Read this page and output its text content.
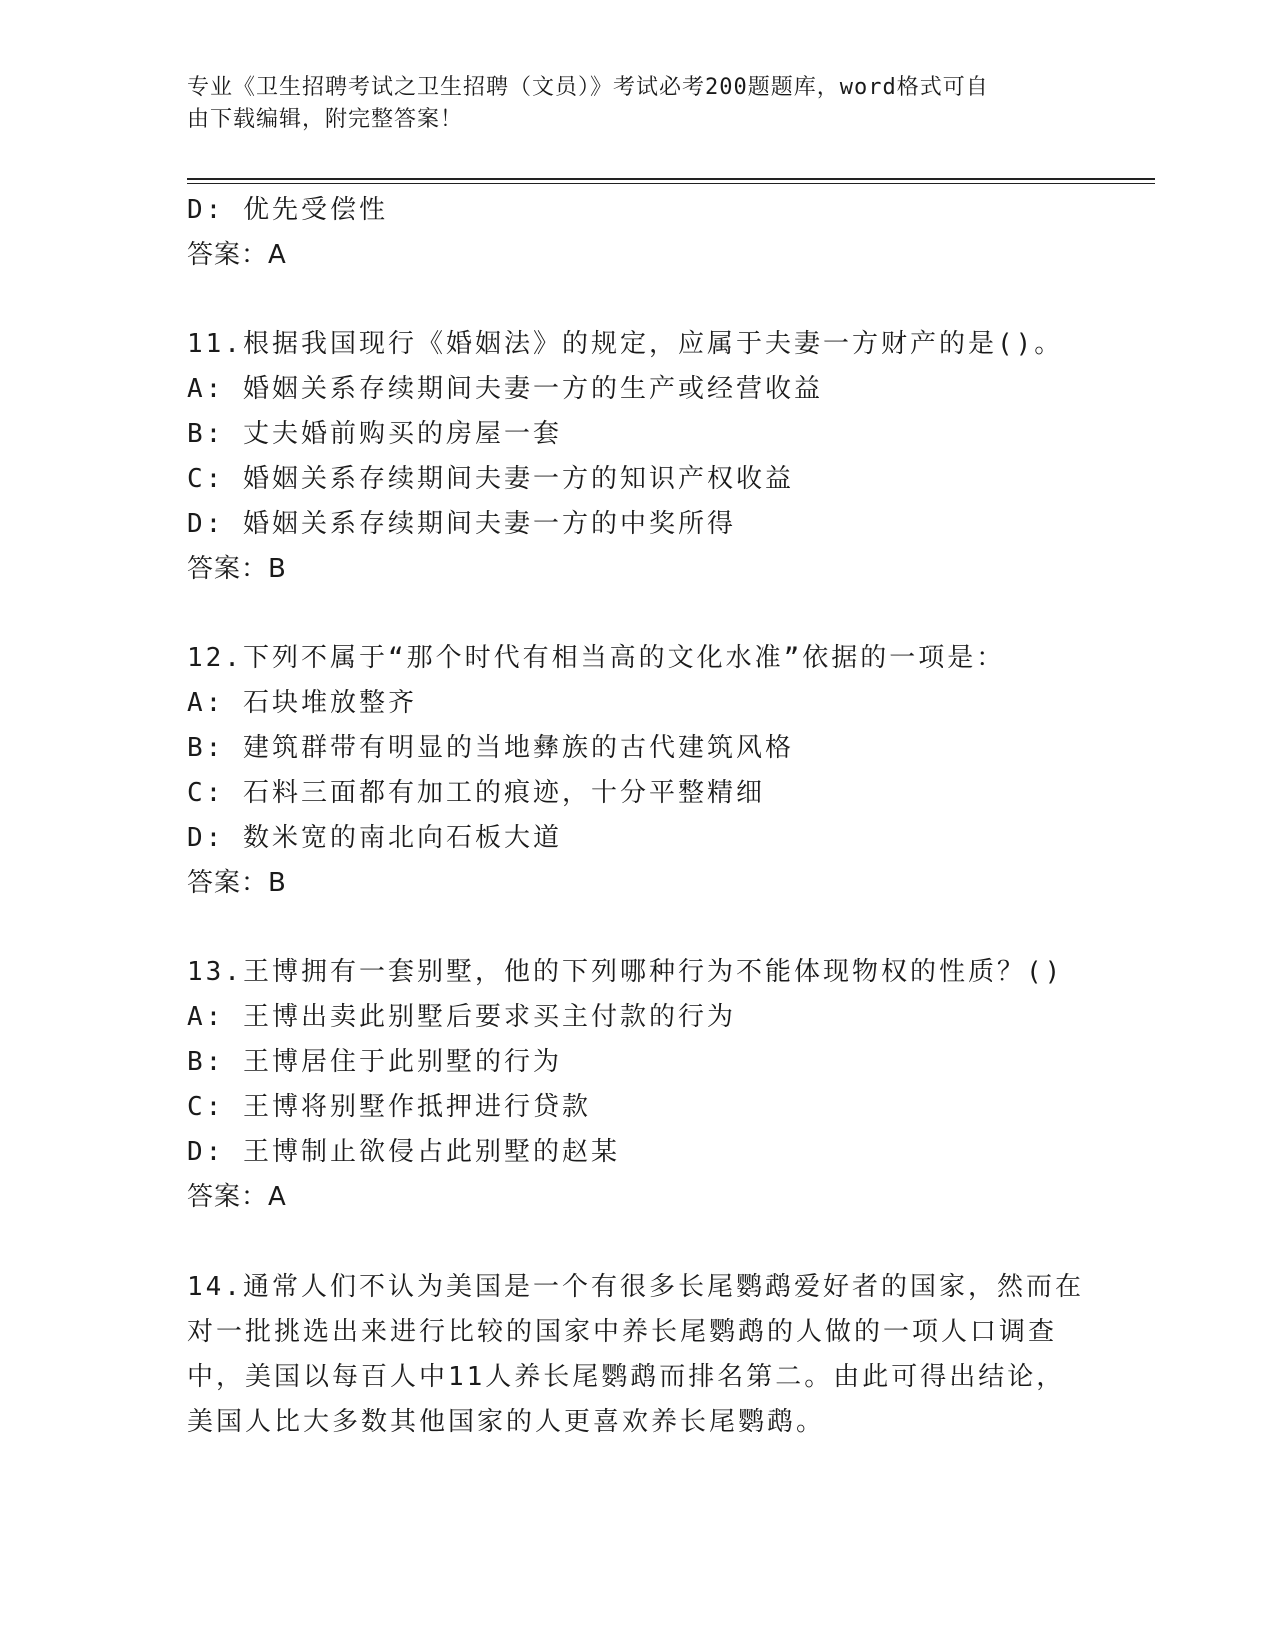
专业《卫生招聘考试之卫生招聘（文员）》考试必考200题题库，word格式可自
由下载编辑，附完整答案！
D: 优先受偿性
答案：A
11.根据我国现行《婚姻法》的规定，应属于夫妻一方财产的是()。
A: 婚姻关系存续期间夫妻一方的生产或经营收益
B: 丈夫婚前购买的房屋一套
C: 婚姻关系存续期间夫妻一方的知识产权收益
D: 婚姻关系存续期间夫妻一方的中奖所得
答案：B
12.下列不属于“那个时代有相当高的文化水准”依据的一项是：
A: 石块堆放整齐
B: 建筑群带有明显的当地彝族的古代建筑风格
C: 石料三面都有加工的痕迹，十分平整精细
D: 数米宽的南北向石板大道
答案：B
13.王博拥有一套别墅，他的下列哪种行为不能体现物权的性质？()
A: 王博出卖此别墅后要求买主付款的行为
B: 王博居住于此别墅的行为
C: 王博将别墅作抵押进行贷款
D: 王博制止欲侵占此别墅的赵某
答案：A
14.通常人们不认为美国是一个有很多长尾鹦鹉爱好者的国家，然而在
对一批挑选出来进行比较的国家中养长尾鹦鹉的人做的一项人口调查
中，美国以每百人中11人养长尾鹦鹉而排名第二。由此可得出结论，
美国人比大多数其他国家的人更喜欢养长尾鹦鹉。
